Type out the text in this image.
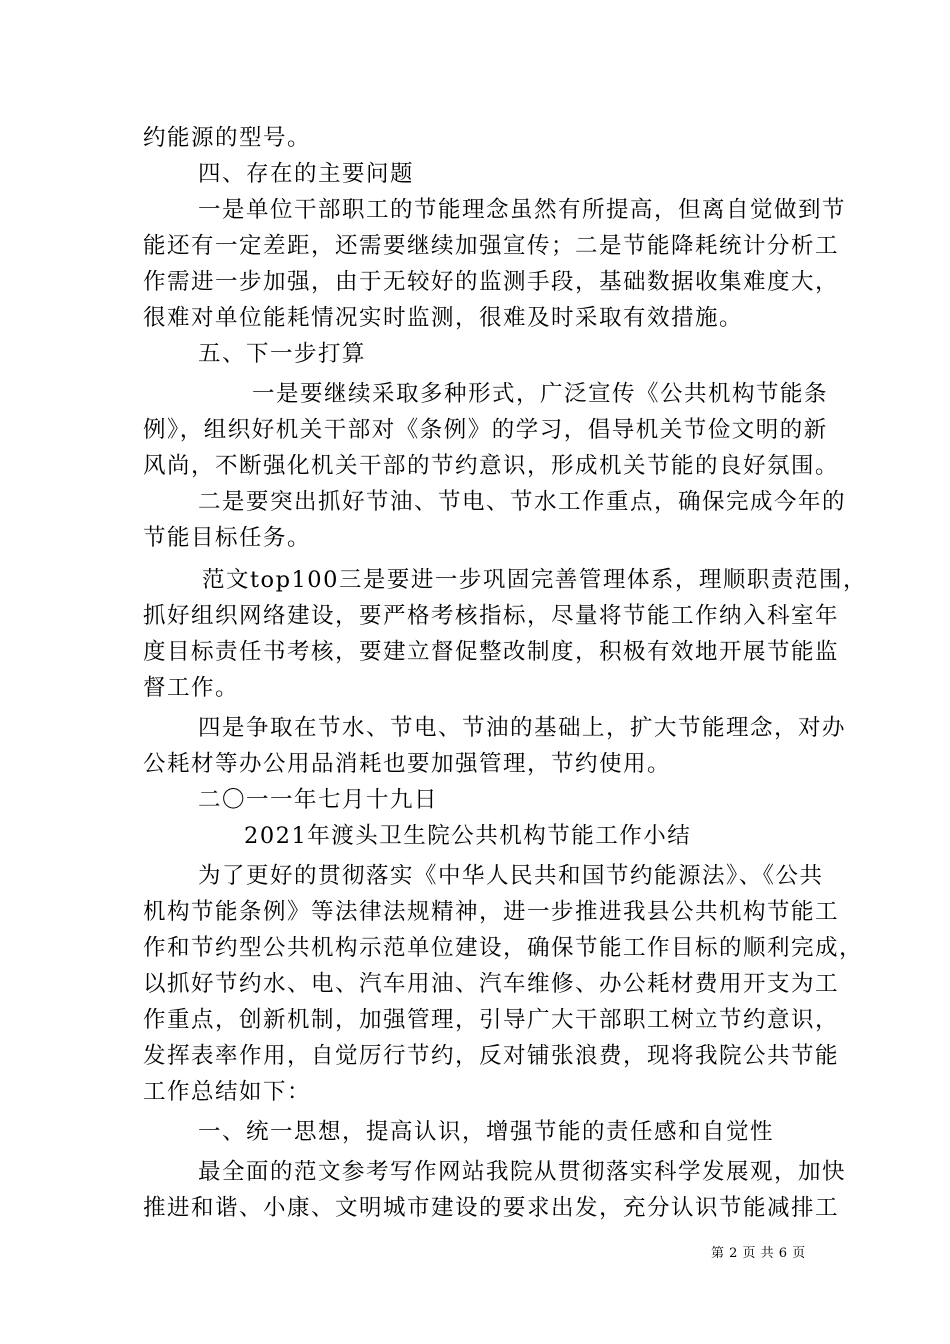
约能源的型号。
四、存在的主要问题
一是单位干部职工的节能理念虽然有所提高，但离自觉做到节
能还有一定差距，还需要继续加强宣传；二是节能降耗统计分析工
作需进一步加强，由于无较好的监测手段，基础数据收集难度大，
很难对单位能耗情况实时监测，很难及时采取有效措施。
五、下一步打算
一是要继续采取多种形式，广泛宣传《公共机构节能条
例》，组织好机关干部对《条例》的学习，倡导机关节俭文明的新
风尚，不断强化机关干部的节约意识，形成机关节能的良好氛围。
二是要突出抓好节油、节电、节水工作重点，确保完成今年的
节能目标任务。
范文top100三是要进一步巩固完善管理体系，理顺职责范围，
抓好组织网络建设，要严格考核指标，尽量将节能工作纳入科室年
度目标责任书考核，要建立督促整改制度，积极有效地开展节能监
督工作。
四是争取在节水、节电、节油的基础上，扩大节能理念，对办
公耗材等办公用品消耗也要加强管理，节约使用。
二〇一一年七月十九日
2021年渡头卫生院公共机构节能工作小结
为了更好的贯彻落实《中华人民共和国节约能源法》、《公共
机构节能条例》等法律法规精神，进一步推进我县公共机构节能工
作和节约型公共机构示范单位建设，确保节能工作目标的顺利完成，
以抓好节约水、电、汽车用油、汽车维修、办公耗材费用开支为工
作重点，创新机制，加强管理，引导广大干部职工树立节约意识，
发挥表率作用，自觉厉行节约，反对铺张浪费，现将我院公共节能
工作总结如下：
一、统一思想，提高认识，增强节能的责任感和自觉性
最全面的范文参考写作网站我院从贯彻落实科学发展观，加快
推进和谐、小康、文明城市建设的要求出发，充分认识节能减排工
第 2 页 共 6 页
